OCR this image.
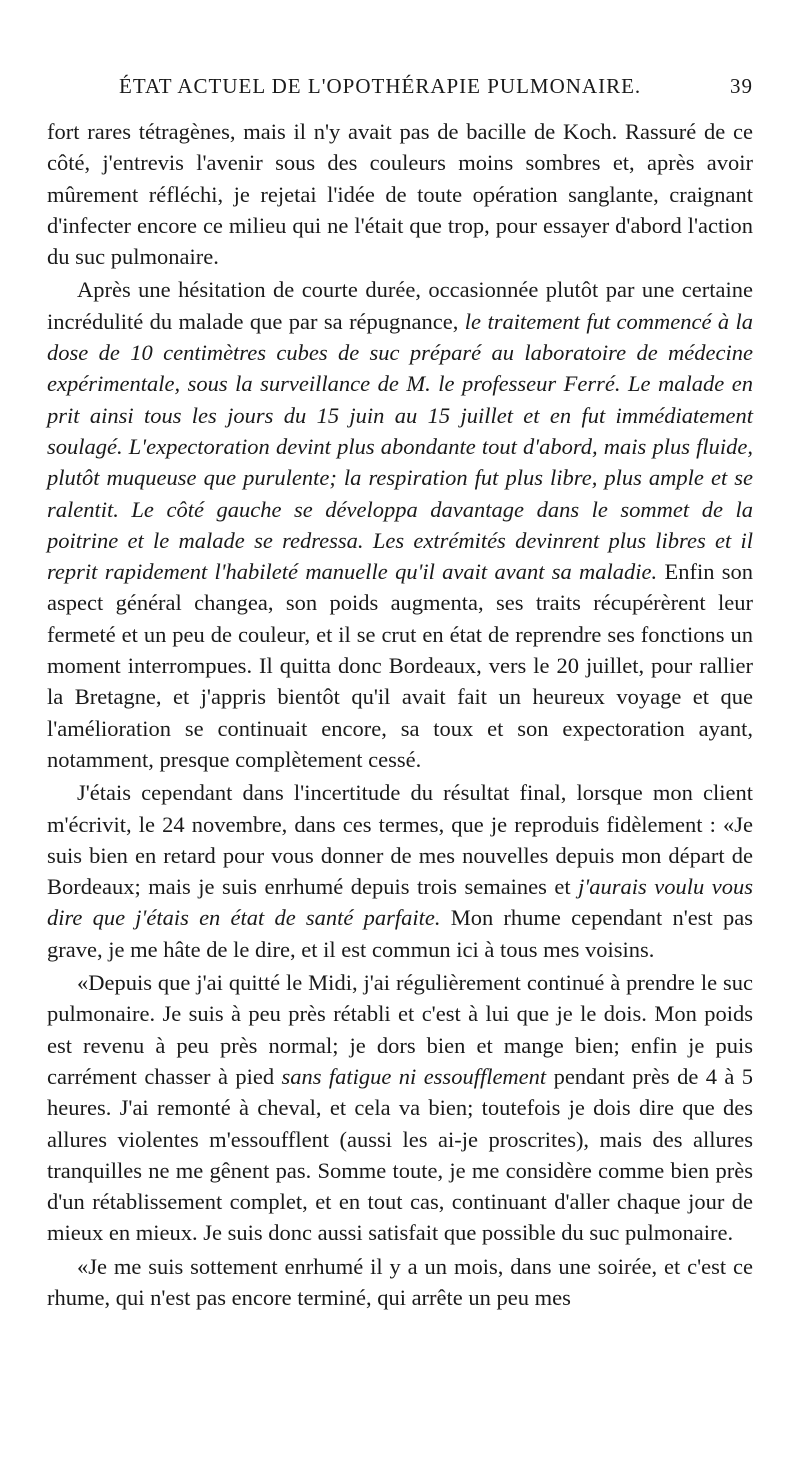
ÉTAT ACTUEL DE L'OPOTHÉRAPIE PULMONAIRE.	39

fort rares tétragènes, mais il n'y avait pas de bacille de Koch. Rassuré de ce côté, j'entrevis l'avenir sous des couleurs moins sombres et, après avoir mûrement réfléchi, je rejetai l'idée de toute opération sanglante, craignant d'infecter encore ce milieu qui ne l'était que trop, pour essayer d'abord l'action du suc pulmonaire.

Après une hésitation de courte durée, occasionnée plutôt par une certaine incrédulité du malade que par sa répugnance, le traitement fut commencé à la dose de 10 centimètres cubes de suc préparé au laboratoire de médecine expérimentale, sous la surveillance de M. le professeur Ferré. Le malade en prit ainsi tous les jours du 15 juin au 15 juillet et en fut immédiatement soulagé. L'expectoration devint plus abondante tout d'abord, mais plus fluide, plutôt muqueuse que purulente; la respiration fut plus libre, plus ample et se ralentit. Le côté gauche se développa davantage dans le sommet de la poitrine et le malade se redressa. Les extrémités devinrent plus libres et il reprit rapidement l'habileté manuelle qu'il avait avant sa maladie. Enfin son aspect général changea, son poids augmenta, ses traits récupérèrent leur fermeté et un peu de couleur, et il se crut en état de reprendre ses fonctions un moment interrompues. Il quitta donc Bordeaux, vers le 20 juillet, pour rallier la Bretagne, et j'appris bientôt qu'il avait fait un heureux voyage et que l'amélioration se continuait encore, sa toux et son expectoration ayant, notamment, presque complètement cessé.

J'étais cependant dans l'incertitude du résultat final, lorsque mon client m'écrivit, le 24 novembre, dans ces termes, que je reproduis fidèlement : «Je suis bien en retard pour vous donner de mes nouvelles depuis mon départ de Bordeaux; mais je suis enrhumé depuis trois semaines et j'aurais voulu vous dire que j'étais en état de santé parfaite. Mon rhume cependant n'est pas grave, je me hâte de le dire, et il est commun ici à tous mes voisins.

«Depuis que j'ai quitté le Midi, j'ai régulièrement continué à prendre le suc pulmonaire. Je suis à peu près rétabli et c'est à lui que je le dois. Mon poids est revenu à peu près normal; je dors bien et mange bien; enfin je puis carrément chasser à pied sans fatigue ni essoufflement pendant près de 4 à 5 heures. J'ai remonté à cheval, et cela va bien; toutefois je dois dire que des allures violentes m'essoufflent (aussi les ai-je proscrites), mais des allures tranquilles ne me gênent pas. Somme toute, je me considère comme bien près d'un rétablissement complet, et en tout cas, continuant d'aller chaque jour de mieux en mieux. Je suis donc aussi satisfait que possible du suc pulmonaire.

«Je me suis sottement enrhumé il y a un mois, dans une soirée, et c'est ce rhume, qui n'est pas encore terminé, qui arrête un peu mes
